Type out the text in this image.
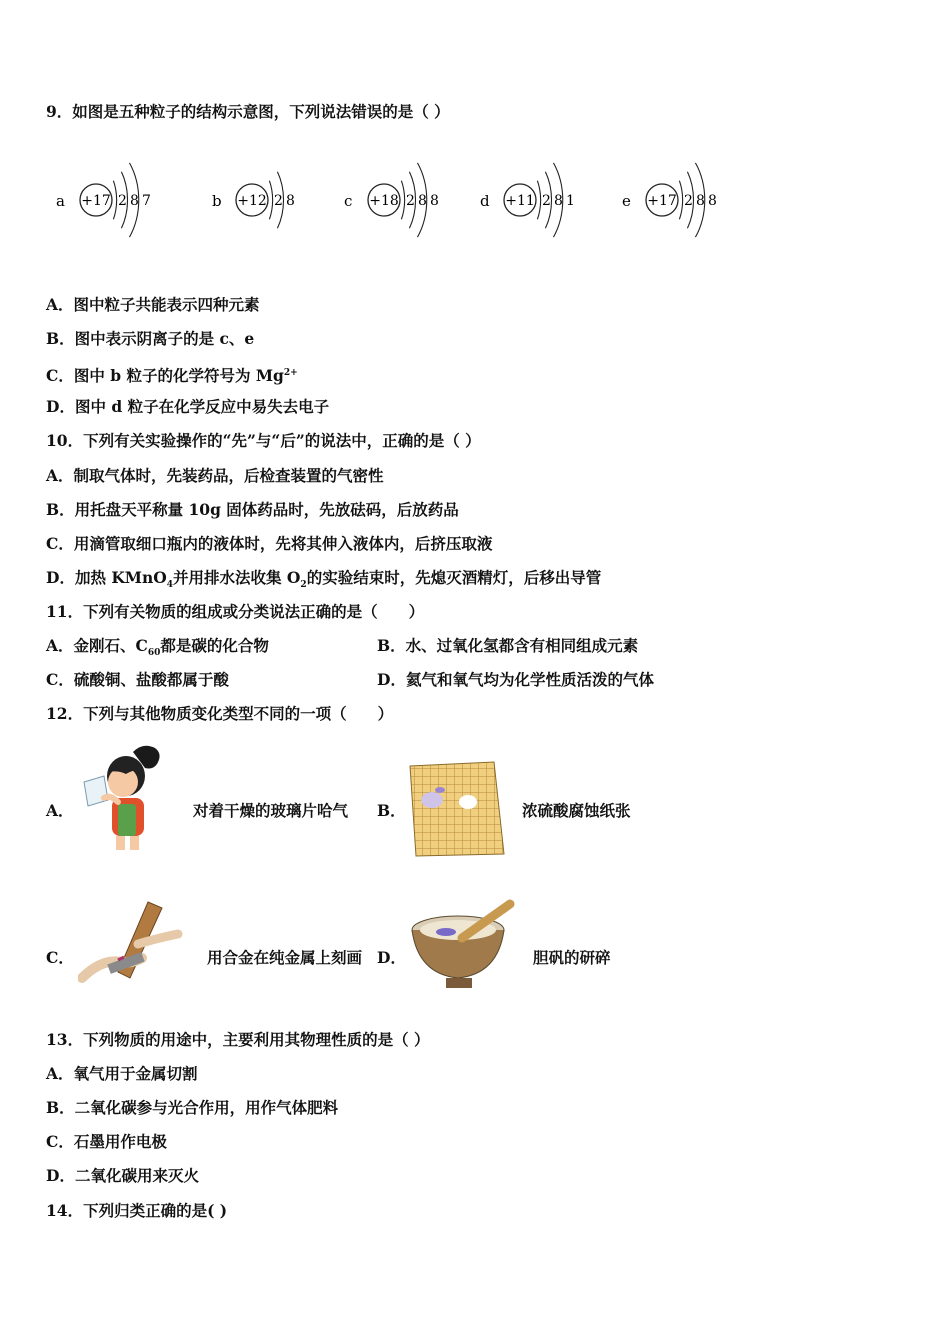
9．如图是五种粒子的结构示意图，下列说法错误的是（ ）
a +17 2 8 7	b +12 2 8	c +18 2 8 8	d +11 2 8 1	e +17 2 8 8
A．图中粒子共能表示四种元素
B．图中表示阴离子的是 c、e
C．图中 b 粒子的化学符号为 $Mg^{2+}$
D．图中 d 粒子在化学反应中易失去电子
10．下列有关实验操作的“先”与“后”的说法中，正确的是（ ）
A．制取气体时，先装药品，后检查装置的气密性
B．用托盘天平称量 10g 固体药品时，先放砝码，后放药品
C．用滴管取细口瓶内的液体时，先将其伸入液体内，后挤压取液
D．加热 KMnO$_4$并用排水法收集 $O_2$的实验结束时，先熄灭酒精灯，后移出导管
11．下列有关物质的组成或分类说法正确的是（　　）
A．金刚石、$C_{60}$都是碳的化合物	B．水、过氧化氢都含有相同组成元素
C．硫酸铜、盐酸都属于酸	D．氦气和氧气均为化学性质活泼的气体
12．下列与其他物质变化类型不同的一项（　　）
A．	对着干燥的玻璃片哈气 B．	浓硫酸腐蚀纸张
C．	用合金在纯金属上刻画 D．	胆矾的研碎
13．下列物质的用途中，主要利用其物理性质的是（ ）
A．氧气用于金属切割
B．二氧化碳参与光合作用，用作气体肥料
C．石墨用作电极
D．二氧化碳用来灭火
14．下列归类正确的是( )
